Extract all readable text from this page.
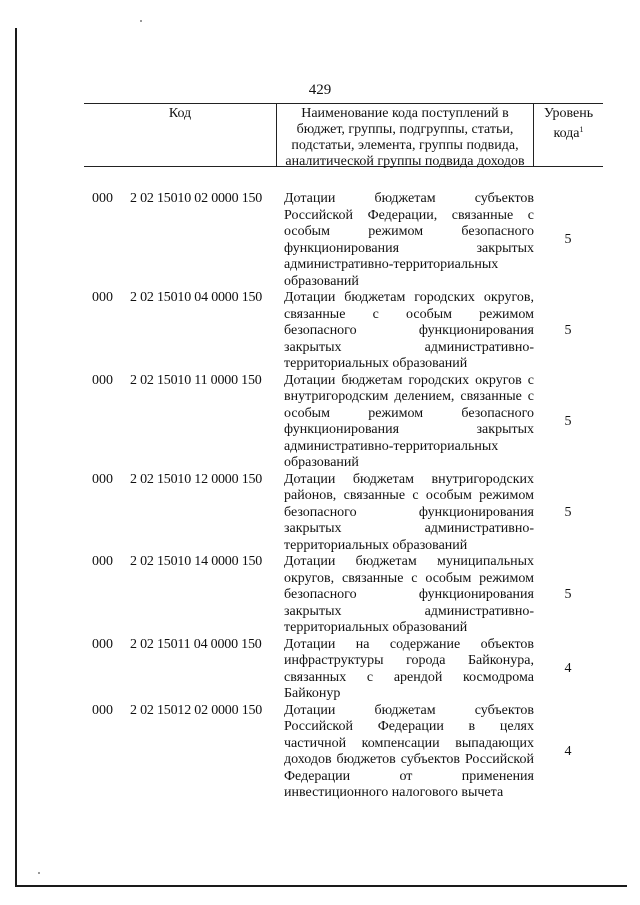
429
Код	Наименование кода поступлений в бюджет, группы, подгруппы, статьи, подстатьи, элемента, группы подвида, аналитической группы подвида доходов
Уровень кода$^1$
000	2 02 15010 02 0000 150	Дотации бюджетам субъектов Российской Федерации, связанные с особым режимом безопасного функционирования закрытых административно-территориальных образований
5
000	2 02 15010 04 0000 150	Дотации бюджетам городских округов, связанные с особым режимом безопасного функционирования закрытых административно-территориальных образований
5
000	2 02 15010 11 0000 150	Дотации бюджетам городских округов с внутригородским делением, связанные с особым режимом безопасного функционирования закрытых административно-территориальных образований
5
000	2 02 15010 12 0000 150	Дотации бюджетам внутригородских районов, связанные с особым режимом безопасного функционирования закрытых административно-территориальных образований
5
000	2 02 15010 14 0000 150	Дотации бюджетам муниципальных округов, связанные с особым режимом безопасного функционирования закрытых административно-территориальных образований
5
000	2 02 15011 04 0000 150	Дотации на содержание объектов инфраструктуры города Байконура, связанных с арендой космодрома Байконур
4
000	2 02 15012 02 0000 150	Дотации бюджетам субъектов Российской Федерации в целях частичной компенсации выпадающих доходов бюджетов субъектов Российской Федерации от применения инвестиционного налогового вычета
4
